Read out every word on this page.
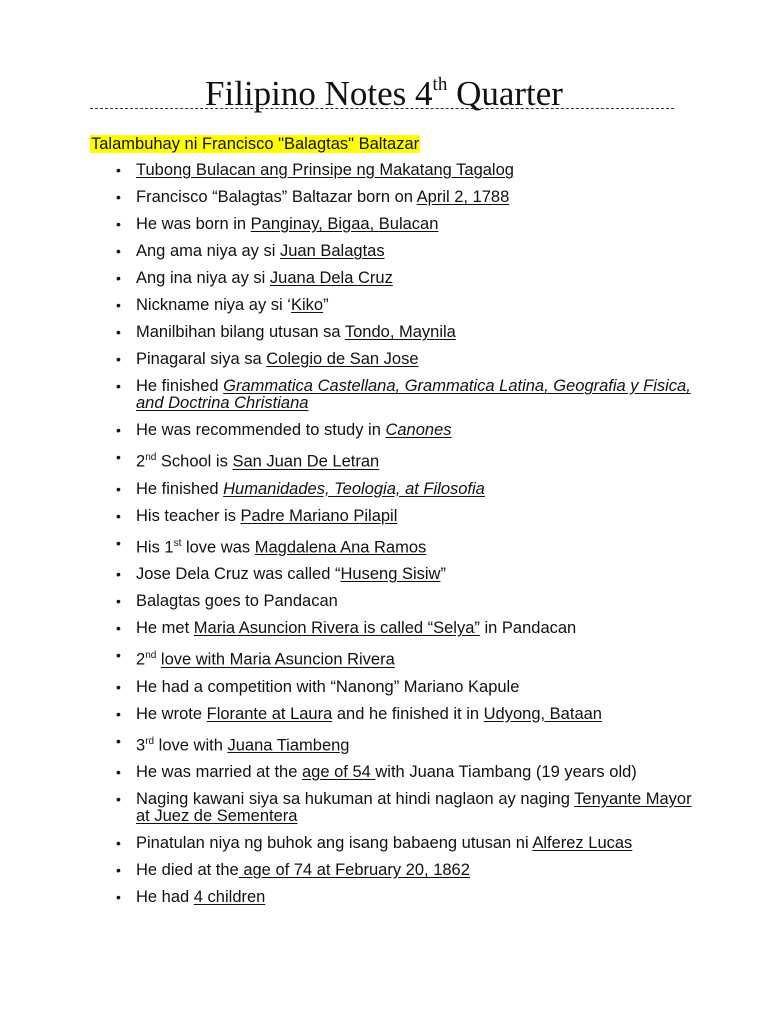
Filipino Notes 4th Quarter
Talambuhay ni Francisco "Balagtas" Baltazar
• Tubong Bulacan ang Prinsipe ng Makatang Tagalog
• Francisco “Balagtas” Baltazar born on April 2, 1788
• He was born in Panginay, Bigaa, Bulacan
• Ang ama niya ay si Juan Balagtas
• Ang ina niya ay si Juana Dela Cruz
• Nickname niya ay si ‘Kiko”
• Manilbihan bilang utusan sa Tondo, Maynila
• Pinagaral siya sa Colegio de San Jose
• He finished Grammatica Castellana, Grammatica Latina, Geografia y Fisica, and Doctrina Christiana
• He was recommended to study in Canones
• 2nd School is San Juan De Letran
• He finished Humanidades, Teologia, at Filosofia
• His teacher is Padre Mariano Pilapil
• His 1st love was Magdalena Ana Ramos
• Jose Dela Cruz was called “Huseng Sisiw”
• Balagtas goes to Pandacan
• He met Maria Asuncion Rivera is called “Selya” in Pandacan
• 2nd love with Maria Asuncion Rivera
• He had a competition with “Nanong” Mariano Kapule
• He wrote Florante at Laura and he finished it in Udyong, Bataan
• 3rd love with Juana Tiambeng
• He was married at the age of 54 with Juana Tiambang (19 years old)
• Naging kawani siya sa hukuman at hindi naglaon ay naging Tenyante Mayor at Juez de Sementera
• Pinatulan niya ng buhok ang isang babaeng utusan ni Alferez Lucas
• He died at the age of 74 at February 20, 1862
• He had 4 children
